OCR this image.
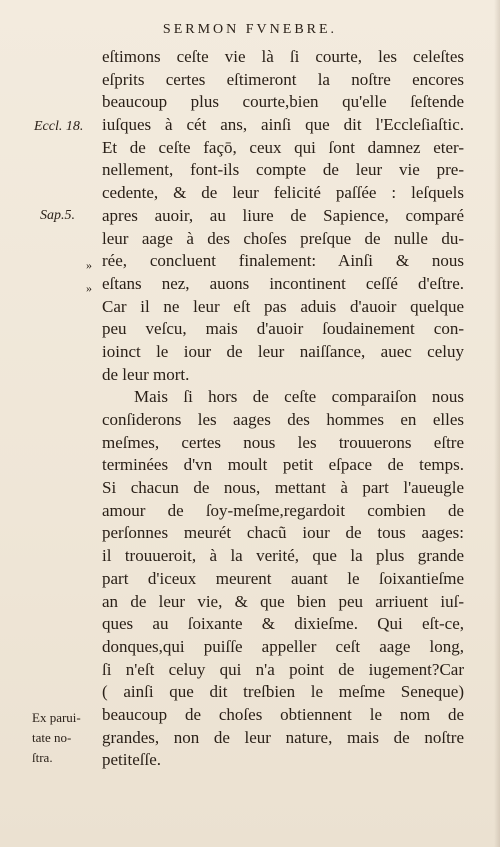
SERMON FVNEBRE.
Eccl. 18.
Sap.5.
»
»
Ex parui-
tate no-
ſtra.
eſtimons ceſte vie là ſi courte, les celeſtes
eſprits certes eſtimeront la noſtre encores
beaucoup plus courte,bien qu'elle ſeſtende
iuſques à cét ans, ainſi que dit l'Eccleſiaſtic.
Et de ceſte façō, ceux qui ſont damnez eter-
nellement, font-ils compte de leur vie pre-
cedente, & de leur felicité paſſée : leſquels
apres auoir, au liure de Sapience, comparé
leur aage à des choſes preſque de nulle du-
rée, concluent finalement: Ainſi & nous
eſtans nez, auons incontinent ceſſé d'eſtre.
Car il ne leur eſt pas aduis d'auoir quelque
peu veſcu, mais d'auoir ſoudainement con-
ioinct le iour de leur naiſſance, auec celuy
de leur mort.
Mais ſi hors de ceſte comparaiſon nous
conſiderons les aages des hommes en elles
meſmes, certes nous les trouuerons eſtre
terminées d'vn moult petit eſpace de temps.
Si chacun de nous, mettant à part l'aueugle
amour de ſoy-meſme,regardoit combien de
perſonnes meurét chacũ iour de tous aages:
il trouueroit, à la verité, que la plus grande
part d'iceux meurent auant le ſoixantieſme
an de leur vie, & que bien peu arriuent iuſ-
ques au ſoixante & dixieſme. Qui eſt-ce,
donques,qui puiſſe appeller ceſt aage long,
ſi n'eſt celuy qui n'a point de iugement?Car
( ainſi que dit treſbien le meſme Seneque)
beaucoup de choſes obtiennent le nom de
grandes, non de leur nature, mais de noſtre
petiteſſe.
